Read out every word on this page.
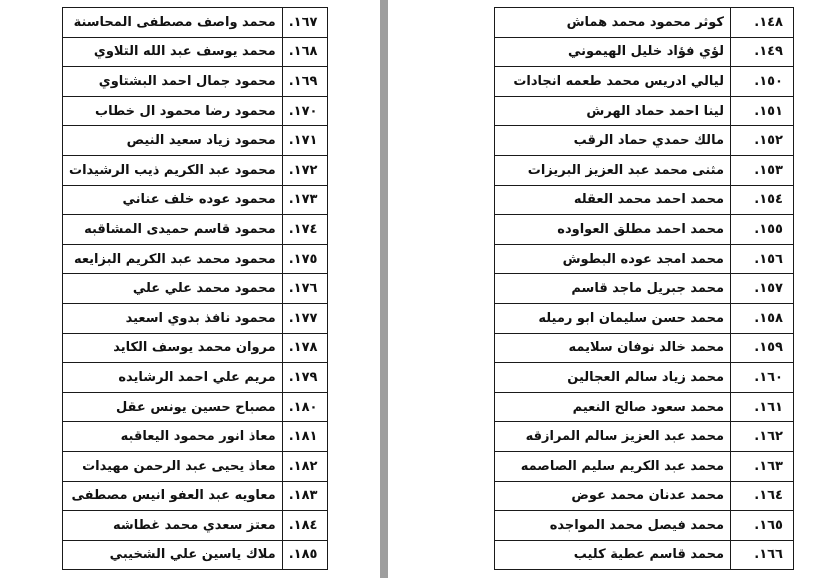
١٦٧.	محمد واصف مصطفى المحاسنة
١٦٨.	محمد يوسف عبد الله التلاوي
١٦٩.	محمود جمال احمد البشتاوي
١٧٠.	محمود رضا محمود ال خطاب
١٧١.	محمود زياد سعيد النيص
١٧٢.	محمود عبد الكريم ذيب الرشيدات
١٧٣.	محمود عوده خلف عناني
١٧٤.	محمود قاسم حميدى المشاقبه
١٧٥.	محمود محمد عبد الكريم البزايعه
١٧٦.	محمود محمد علي علي
١٧٧.	محمود نافذ بدوي اسعيد
١٧٨.	مروان محمد يوسف الكايد
١٧٩.	مريم علي احمد الرشايده
١٨٠.	مصباح حسين يونس عقل
١٨١.	معاذ انور محمود اليعاقبه
١٨٢.	معاذ يحيى عبد الرحمن مهيدات
١٨٣.	معاويه عبد العفو انيس مصطفى
١٨٤.	معتز سعدي محمد غطاشه
١٨٥.	ملاك ياسين علي الشخيبي
١٤٨.	كوثر محمود محمد هماش
١٤٩.	لؤي فؤاد خليل الهيموني
١٥٠.	ليالي ادريس محمد طعمه انجادات
١٥١.	لينا احمد حماد الهرش
١٥٢.	مالك حمدي حماد الرقب
١٥٣.	مثنى محمد عبد العزيز البريزات
١٥٤.	محمد احمد محمد العقله
١٥٥.	محمد احمد مطلق العواوده
١٥٦.	محمد امجد عوده البطوش
١٥٧.	محمد جبريل ماجد قاسم
١٥٨.	محمد حسن سليمان ابو رميله
١٥٩.	محمد خالد نوفان سلايمه
١٦٠.	محمد زياد سالم العجالين
١٦١.	محمد سعود صالح النعيم
١٦٢.	محمد عبد العزيز سالم المرازقه
١٦٣.	محمد عبد الكريم سليم الصاصمه
١٦٤.	محمد عدنان محمد عوض
١٦٥.	محمد فيصل محمد المواجده
١٦٦.	محمد قاسم عطية كليب
